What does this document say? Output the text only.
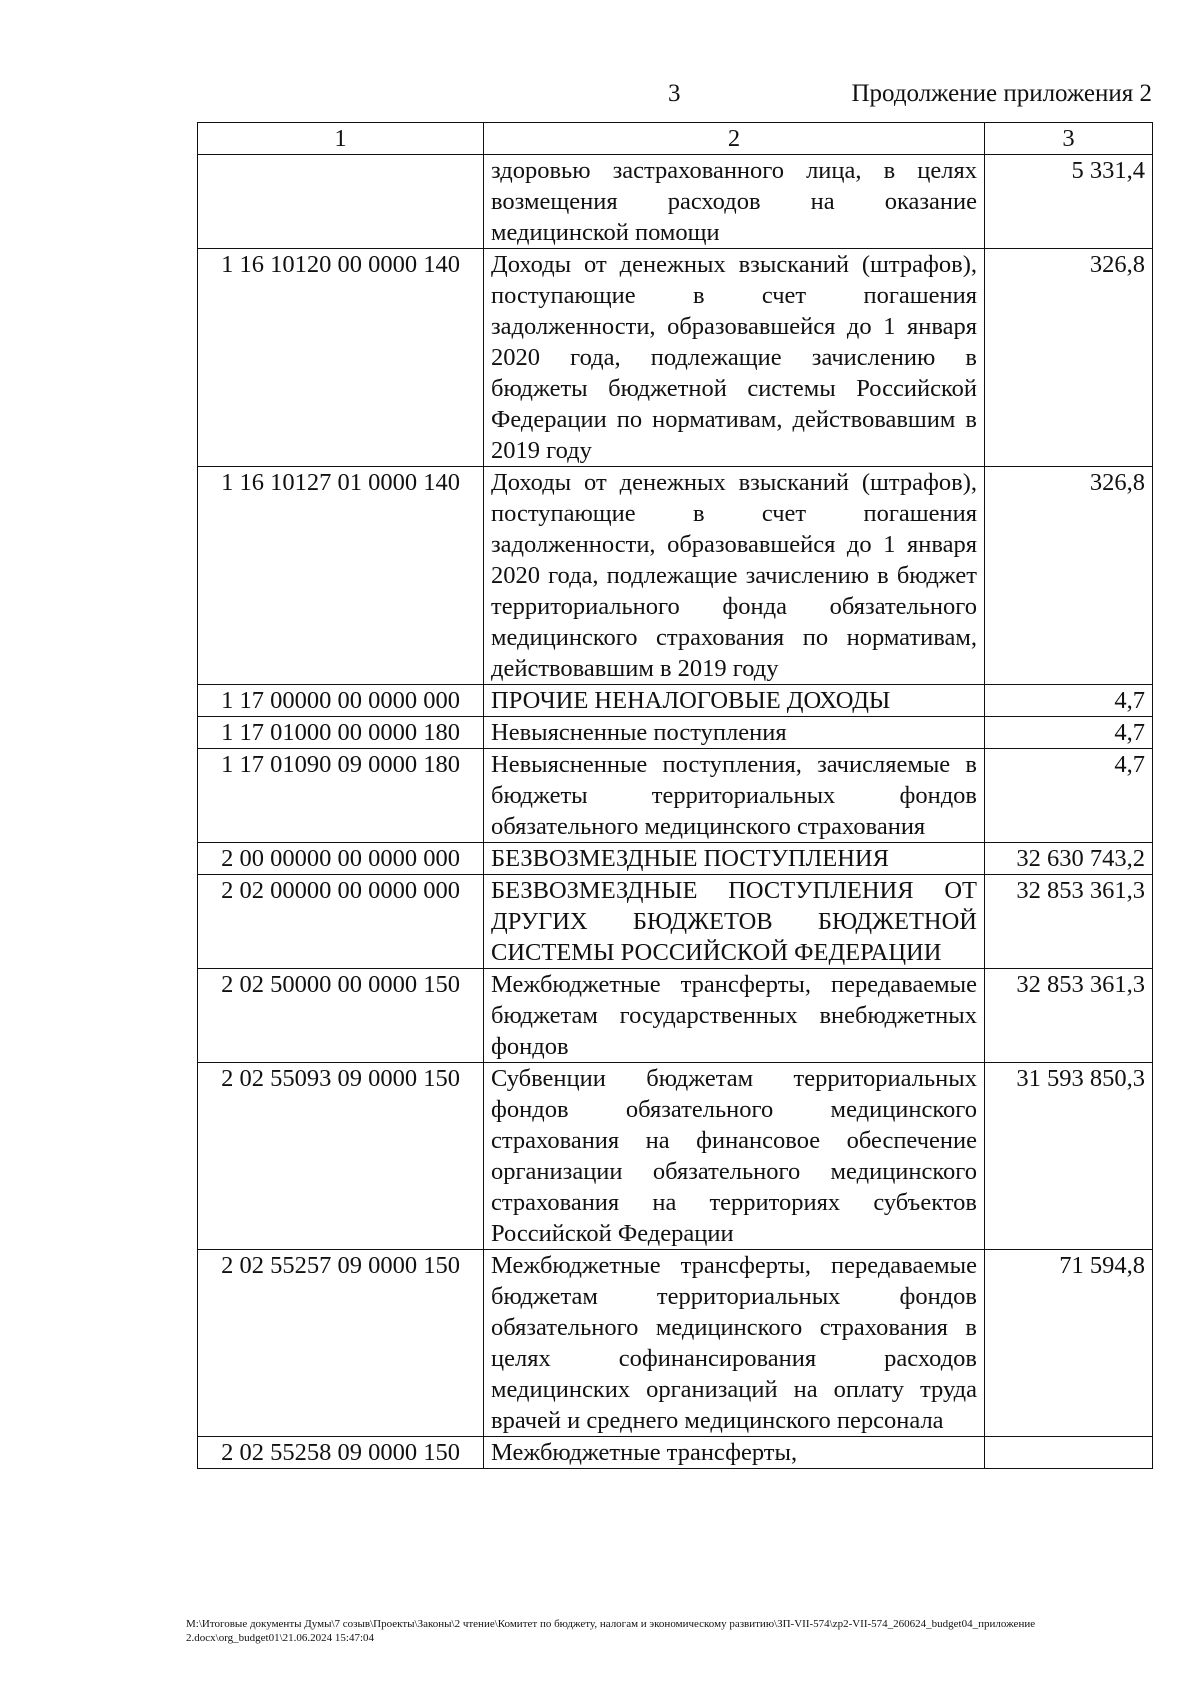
3	Продолжение приложения 2
1	2	3
	здоровью застрахованного лица, в целях возмещения расходов на оказание медицинской помощи	5 331,4
1 16 10120 00 0000 140	Доходы от денежных взысканий (штрафов), поступающие в счет погашения задолженности, образовавшейся до 1 января 2020 года, подлежащие зачислению в бюджеты бюджетной системы Российской Федерации по нормативам, действовавшим в 2019 году	326,8
1 16 10127 01 0000 140	Доходы от денежных взысканий (штрафов), поступающие в счет погашения задолженности, образовавшейся до 1 января 2020 года, подлежащие зачислению в бюджет территориального фонда обязательного медицинского страхования по нормативам, действовавшим в 2019 году	326,8
1 17 00000 00 0000 000	ПРОЧИЕ НЕНАЛОГОВЫЕ ДОХОДЫ	4,7
1 17 01000 00 0000 180	Невыясненные поступления	4,7
1 17 01090 09 0000 180	Невыясненные поступления, зачисляемые в бюджеты территориальных фондов обязательного медицинского страхования	4,7
2 00 00000 00 0000 000	БЕЗВОЗМЕЗДНЫЕ ПОСТУПЛЕНИЯ	32 630 743,2
2 02 00000 00 0000 000	БЕЗВОЗМЕЗДНЫЕ ПОСТУПЛЕНИЯ ОТ ДРУГИХ БЮДЖЕТОВ БЮДЖЕТНОЙ СИСТЕМЫ РОССИЙСКОЙ ФЕДЕРАЦИИ	32 853 361,3
2 02 50000 00 0000 150	Межбюджетные трансферты, передаваемые бюджетам государственных внебюджетных фондов	32 853 361,3
2 02 55093 09 0000 150	Субвенции бюджетам территориальных фондов обязательного медицинского страхования на финансовое обеспечение организации обязательного медицинского страхования на территориях субъектов Российской Федерации	31 593 850,3
2 02 55257 09 0000 150	Межбюджетные трансферты, передаваемые бюджетам территориальных фондов обязательного медицинского страхования в целях софинансирования расходов медицинских организаций на оплату труда врачей и среднего медицинского персонала	71 594,8
2 02 55258 09 0000 150	Межбюджетные трансферты,	
M:\Итоговые документы Думы\7 созыв\Проекты\Законы\2 чтение\Комитет по бюджету, налогам и экономическому развитию\ЗП-VII-574\zp2-VII-574_260624_budget04_приложение 2.docx\org_budget01\21.06.2024 15:47:04
